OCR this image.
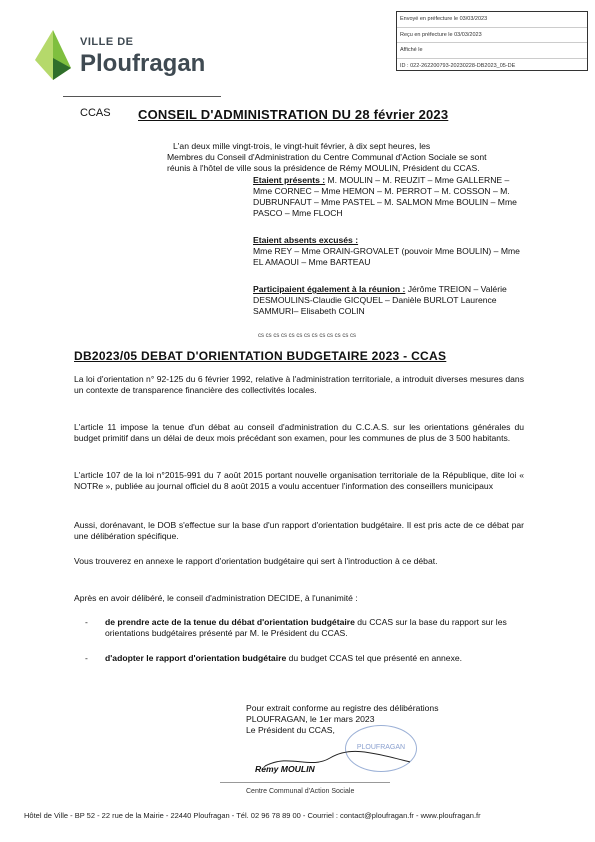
VILLE DE
Ploufragan
Envoyé en préfecture le 03/03/2023
Reçu en préfecture le 03/03/2023
Affiché le
ID : 022-262200793-20230228-DB2023_05-DE
CCAS CONSEIL D'ADMINISTRATION DU 28 février 2023
L'an deux mille vingt-trois, le vingt-huit février, à dix sept heures, les
Membres du Conseil d'Administration du Centre Communal d'Action Sociale se sont
réunis à l'hôtel de ville sous la présidence de Rémy MOULIN, Président du CCAS.
Etaient présents : M. MOULIN – M. REUZIT – Mme GALLERNE – Mme CORNEC – Mme HEMON – M. PERROT – M. COSSON – M. DUBRUNFAUT – Mme PASTEL – M. SALMON Mme BOULIN – Mme PASCO – Mme FLOCH
Etaient absents excusés :
Mme REY – Mme ORAIN-GROVALET (pouvoir Mme BOULIN) – Mme EL AMAOUI – Mme BARTEAU
Participaient également à la réunion : Jérôme TREION – Valérie DESMOULINS-Claudie GICQUEL – Danièle BURLOT Laurence SAMMURI– Elisabeth COLIN
cs cs cs cs cs cs cs cs cs cs cs cs cs
DB2023/05 DEBAT D'ORIENTATION BUDGETAIRE 2023 - CCAS
La loi d'orientation n° 92-125 du 6 février 1992, relative à l'administration territoriale, a introduit diverses mesures dans un contexte de transparence financière des collectivités locales.
L'article 11 impose la tenue d'un débat au conseil d'administration du C.C.A.S. sur les orientations générales du budget primitif dans un délai de deux mois précédant son examen, pour les communes de plus de 3 500 habitants.
L'article 107 de la loi n°2015-991 du 7 août 2015 portant nouvelle organisation territoriale de la République, dite loi « NOTRe », publiée au journal officiel du 8 août 2015 a voulu accentuer l'information des conseillers municipaux
Aussi, dorénavant, le DOB s'effectue sur la base d'un rapport d'orientation budgétaire. Il est pris acte de ce débat par une délibération spécifique.
Vous trouverez en annexe le rapport d'orientation budgétaire qui sert à l'introduction à ce débat.
Après en avoir délibéré, le conseil d'administration DECIDE, à l'unanimité :
- de prendre acte de la tenue du débat d'orientation budgétaire du CCAS sur la base du rapport sur les orientations budgétaires présenté par M. le Président du CCAS.
- d'adopter le rapport d'orientation budgétaire du budget CCAS tel que présenté en annexe.
Pour extrait conforme au registre des délibérations
PLOUFRAGAN, le 1er mars 2023
Le Président du CCAS,
PLOUFRAGAN
Rémy MOULIN
Centre Communal d'Action Sociale
Hôtel de Ville - BP 52 - 22 rue de la Mairie - 22440 Ploufragan - Tél. 02 96 78 89 00 - Courriel : contact@ploufragan.fr - www.ploufragan.fr
